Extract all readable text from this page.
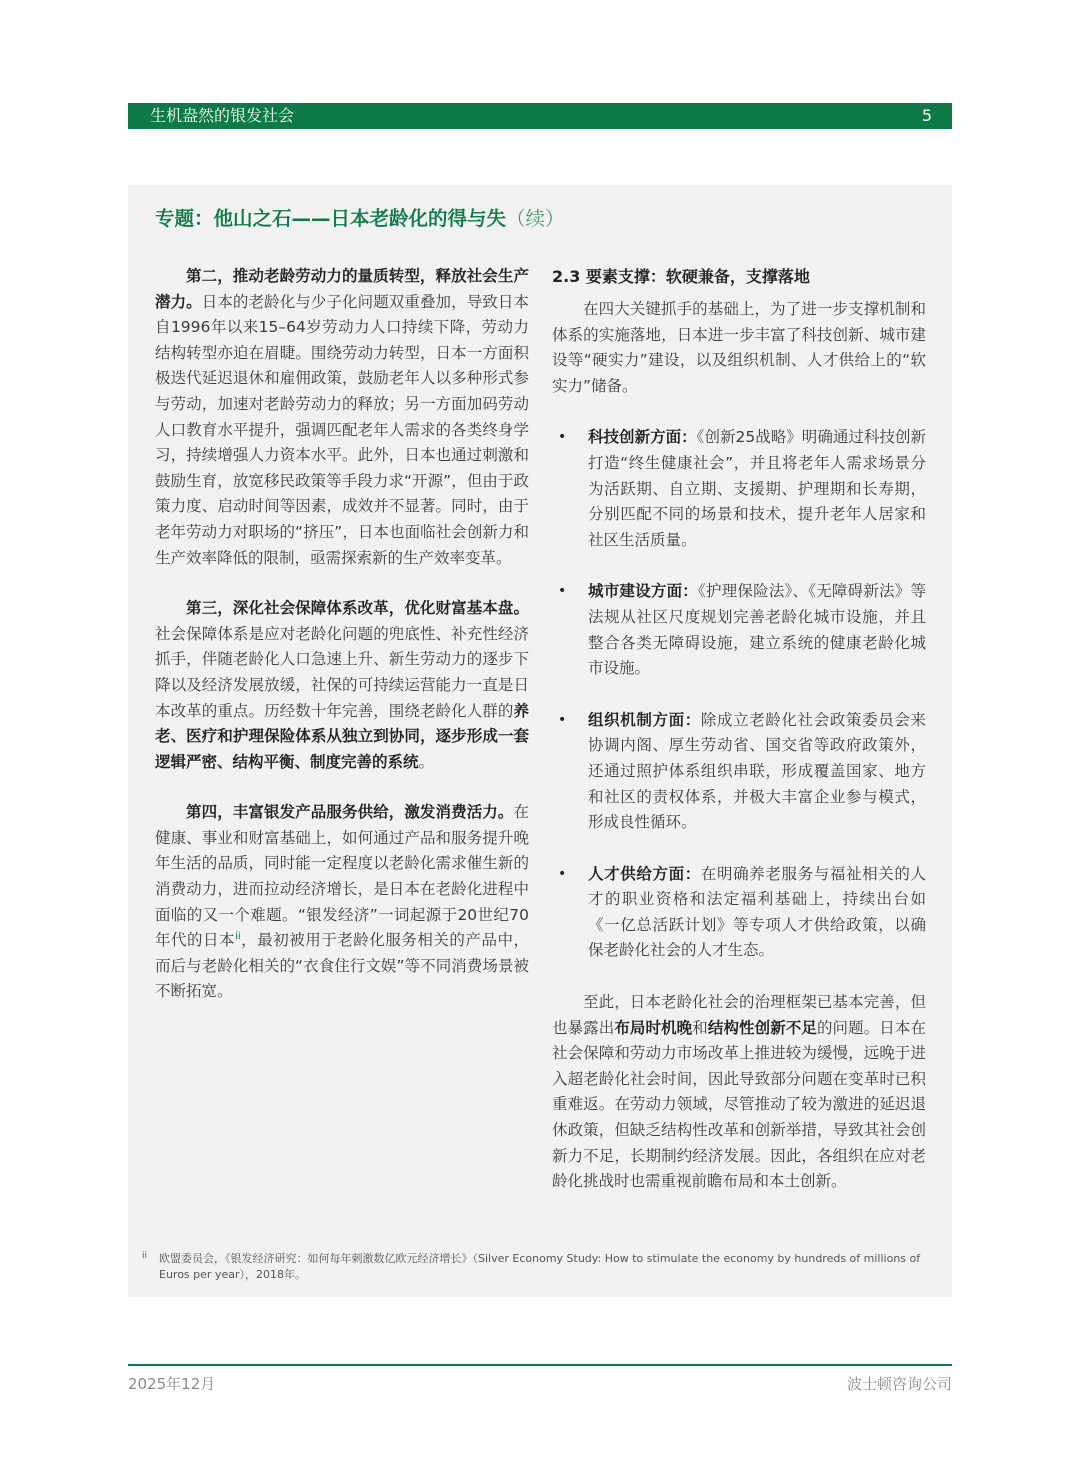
生机盎然的银发社会	5
专题：他山之石——日本老龄化的得与失（续）

第二，推动老龄劳动力的量质转型，释放社会生产潜力。日本的老龄化与少子化问题双重叠加，导致日本自1996年以来15–64岁劳动力人口持续下降，劳动力结构转型亦迫在眉睫。围绕劳动力转型，日本一方面积极迭代延迟退休和雇佣政策，鼓励老年人以多种形式参与劳动，加速对老龄劳动力的释放；另一方面加码劳动人口教育水平提升，强调匹配老年人需求的各类终身学习，持续增强人力资本水平。此外，日本也通过刺激和鼓励生育，放宽移民政策等手段力求“开源”，但由于政策力度、启动时间等因素，成效并不显著。同时，由于老年劳动力对职场的“挤压”，日本也面临社会创新力和生产效率降低的限制，亟需探索新的生产效率变革。

第三，深化社会保障体系改革，优化财富基本盘。社会保障体系是应对老龄化问题的兜底性、补充性经济抓手，伴随老龄化人口急速上升、新生劳动力的逐步下降以及经济发展放缓，社保的可持续运营能力一直是日本改革的重点。历经数十年完善，围绕老龄化人群的养老、医疗和护理保险体系从独立到协同，逐步形成一套逻辑严密、结构平衡、制度完善的系统。

第四，丰富银发产品服务供给，激发消费活力。在健康、事业和财富基础上，如何通过产品和服务提升晚年生活的品质，同时能一定程度以老龄化需求催生新的消费动力，进而拉动经济增长，是日本在老龄化进程中面临的又一个难题。“银发经济”一词起源于20世纪70年代的日本$^{ii}$，最初被用于老龄化服务相关的产品中，而后与老龄化相关的“衣食住行文娱”等不同消费场景被不断拓宽。

2.3 要素支撑：软硬兼备，支撑落地

在四大关键抓手的基础上，为了进一步支撑机制和体系的实施落地，日本进一步丰富了科技创新、城市建设等“硬实力”建设，以及组织机制、人才供给上的“软实力”储备。

• 科技创新方面：《创新25战略》明确通过科技创新打造“终生健康社会”，并且将老年人需求场景分为活跃期、自立期、支援期、护理期和长寿期，分别匹配不同的场景和技术，提升老年人居家和社区生活质量。

• 城市建设方面：《护理保险法》、《无障碍新法》等法规从社区尺度规划完善老龄化城市设施，并且整合各类无障碍设施，建立系统的健康老龄化城市设施。

• 组织机制方面：除成立老龄化社会政策委员会来协调内阁、厚生劳动省、国交省等政府政策外，还通过照护体系组织串联，形成覆盖国家、地方和社区的责权体系，并极大丰富企业参与模式，形成良性循环。

• 人才供给方面：在明确养老服务与福祉相关的人才的职业资格和法定福利基础上，持续出台如《一亿总活跃计划》等专项人才供给政策，以确保老龄化社会的人才生态。

至此，日本老龄化社会的治理框架已基本完善，但也暴露出布局时机晚和结构性创新不足的问题。日本在社会保障和劳动力市场改革上推进较为缓慢，远晚于进入超老龄化社会时间，因此导致部分问题在变革时已积重难返。在劳动力领域，尽管推动了较为激进的延迟退休政策，但缺乏结构性改革和创新举措，导致其社会创新力不足，长期制约经济发展。因此，各组织在应对老龄化挑战时也需重视前瞻布局和本土创新。

ii	欧盟委员会，《银发经济研究：如何每年刺激数亿欧元经济增长》（Silver Economy Study: How to stimulate the economy by hundreds of millions of Euros per year），2018年。
2025年12月	波士顿咨询公司
